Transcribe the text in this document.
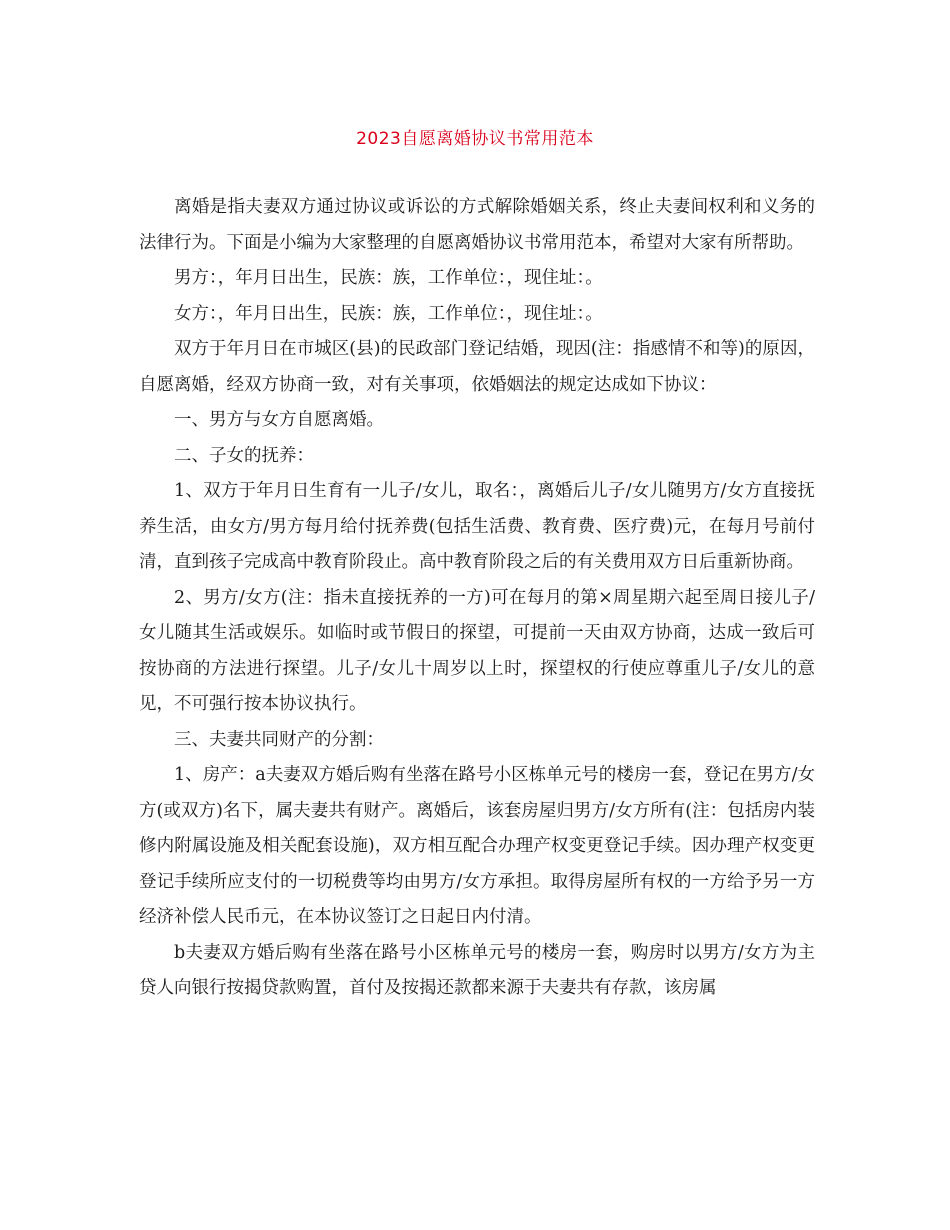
2023自愿离婚协议书常用范本

离婚是指夫妻双方通过协议或诉讼的方式解除婚姻关系，终止夫妻间权利和义务的法律行为。下面是小编为大家整理的自愿离婚协议书常用范本，希望对大家有所帮助。

男方：，年月日出生，民族：族，工作单位：，现住址：。

女方：，年月日出生，民族：族，工作单位：，现住址：。

双方于年月日在市城区(县)的民政部门登记结婚，现因(注：指感情不和等)的原因，自愿离婚，经双方协商一致，对有关事项，依婚姻法的规定达成如下协议：

一、男方与女方自愿离婚。

二、子女的抚养：

1、双方于年月日生育有一儿子/女儿，取名：，离婚后儿子/女儿随男方/女方直接抚养生活，由女方/男方每月给付抚养费(包括生活费、教育费、医疗费)元，在每月号前付清，直到孩子完成高中教育阶段止。高中教育阶段之后的有关费用双方日后重新协商。

2、男方/女方(注：指未直接抚养的一方)可在每月的第×周星期六起至周日接儿子/女儿随其生活或娱乐。如临时或节假日的探望，可提前一天由双方协商，达成一致后可按协商的方法进行探望。儿子/女儿十周岁以上时，探望权的行使应尊重儿子/女儿的意见，不可强行按本协议执行。

三、夫妻共同财产的分割：

1、房产：a夫妻双方婚后购有坐落在路号小区栋单元号的楼房一套，登记在男方/女方(或双方)名下，属夫妻共有财产。离婚后，该套房屋归男方/女方所有(注：包括房内装修内附属设施及相关配套设施)，双方相互配合办理产权变更登记手续。因办理产权变更登记手续所应支付的一切税费等均由男方/女方承担。取得房屋所有权的一方给予另一方经济补偿人民币元，在本协议签订之日起日内付清。

b夫妻双方婚后购有坐落在路号小区栋单元号的楼房一套，购房时以男方/女方为主贷人向银行按揭贷款购置，首付及按揭还款都来源于夫妻共有存款，该房属
